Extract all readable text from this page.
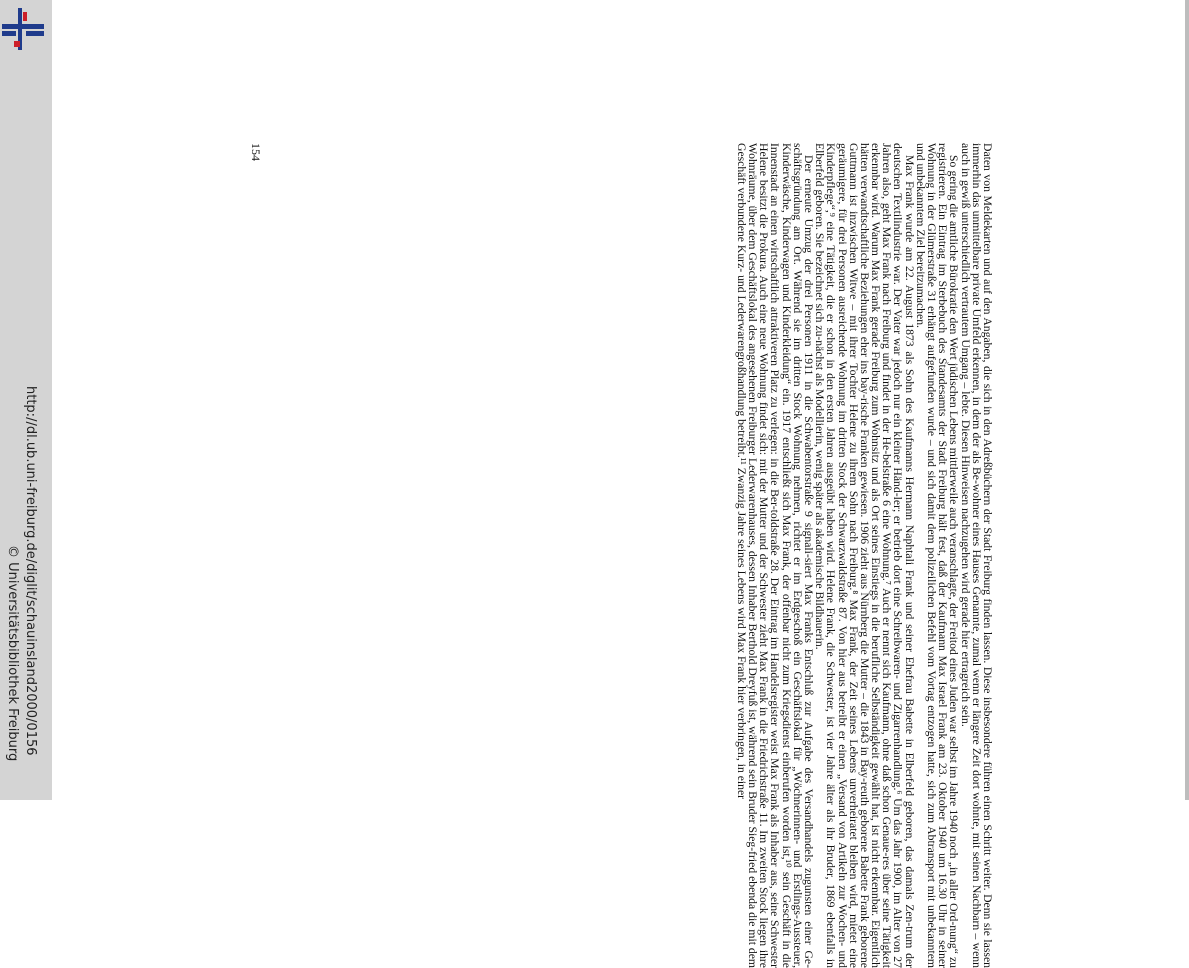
http://dl.ub.uni-freiburg.de/diglit/schauinsland2000/0156
© Universitätsbibliothek Freiburg	Daten von Meldekarten und auf den Angaben, die sich in den Adreßbüchern der Stadt Freiburg finden lassen. Diese insbesondere führen einen Schritt weiter. Denn sie lassen immerhin das unmittelbare private Umfeld erkennen, in dem der als Be-wohner eines Hauses Genannte, zumal wenn er längere Zeit dort wohnte, mit seinen Nachbarn – wenn auch in gewiß unterschiedlich vertrautem Umgang – lebte. Diesen Hinweisen nachzugehen wird gerade hier ertragreich sein.

So gering die amtliche Bürokratie den Wert jüdischen Lebens mittlerweile auch veranschlagte, der Freitod eines Juden war selbst im Jahre 1940 noch „in aller Ord-nung“ zu registrieren. Ein Eintrag im Sterbebuch des Standesamts der Stadt Freiburg hält fest, daß der Kaufmann Max Israel Frank am 23. Oktober 1940 um 16.30 Uhr in seiner Wohnung in der Glümerstraße 31 erhängt aufgefunden wurde – und sich damit dem polizeilichen Befehl vom Vortag entzogen hatte, sich zum Abtransport mit unbekanntem und unbekanntem Ziel bereitzumachen.

Max Frank wurde am 22. August 1873 als Sohn des Kaufmanns Hermann Naphtali Frank und seiner Ehefrau Babette in Elberfeld geboren, das damals Zen-trum der deutschen Textilindustrie war. Der Vater war jedoch nur ein kleiner Händ-ler; er betrieb dort eine Schreibwaren- und Zigarrenhandlung.⁶ Um das Jahr 1900, im Alter von 27 Jahren also, geht Max Frank nach Freiburg und findet in der He-belstraße 6 eine Wohnung.⁷ Auch er nennt sich Kaufmann, ohne daß schon Genaue-res über seine Tätigkeit erkennbar wird. Warum Max Frank gerade Freiburg zum Wohnsitz und als Ort seines Einstiegs in die berufliche Selbständigkeit gewählt hat, ist nicht erkennbar. Eigentlich hätten verwandtschaftliche Beziehungen eher ins bay-rische Franken gewiesen. 1906 zieht aus Nürnberg die Mutter – die 1843 in Bay-reuth geborene Babette Frank geborene Guttmann ist inzwischen Witwe – mit ihrer Tochter Helene zu ihrem Sohn nach Freiburg.⁸ Max Frank, der Zeit seines Lebens unverheiratet bleiben wird, mietet eine geräumigere, für drei Personen ausreichende Wohnung im dritten Stock der Schwarzwaldstraße 87. Von hier aus betreibt er einen „Versand von Artikeln zur Wochen- und Kinderpflege“,⁹ eine Tätigkeit, die er schon in den ersten Jahren ausgeübt haben wird. Helene Frank, die Schwester, ist vier Jahre älter als ihr Bruder, 1869 ebenfalls in Elberfeld geboren. Sie bezeichnet sich zu-nächst als Modellierin, wenig später als akademische Bildhauerin.

Der erneute Umzug der drei Personen 1911 in die Schwabentorstraße 9 signali-siert Max Franks Entschluß zur Aufgabe des Versandhandels zugunsten einer Ge-schäftsgründung am Ort. Während sie im dritten Stock Wohnung nehmen, richtet er im Erdgeschoß ein Geschäftslokal für „Wöchnerinnen- und Erstlings-Aussteuer, Kinderwäsche, Kinderwagen und Kinderkleidung“ ein. 1917 entschließt sich Max Frank, der offenbar nicht zum Kriegsdienst einberufen worden ist,¹⁰ sein Geschäft in die Innenstadt an einen wirtschaftlich attraktiveren Platz zu verlegen: in die Ber-toldstraße 28. Der Eintrag im Handelsregister weist Max Frank als Inhaber aus, seine Schwester Helene besitzt die Prokura. Auch eine neue Wohnung findet sich: mit der Mutter und der Schwester zieht Max Frank in die Friedrichstraße 11. Im zweiten Stock liegen ihre Wohnräume, über dem Geschäftslokal des angesehenen Freiburger Lederwarenhauses, dessen Inhaber Berthold Dreyfuß ist, während sein Bruder Sieg-fried ebenda die mit dem Geschäft verbundene Kurz- und Lederwarengroßhandlung betreibt.¹¹ Zwanzig Jahre seines Lebens wird Max Frank hier verbringen, in einer

154
